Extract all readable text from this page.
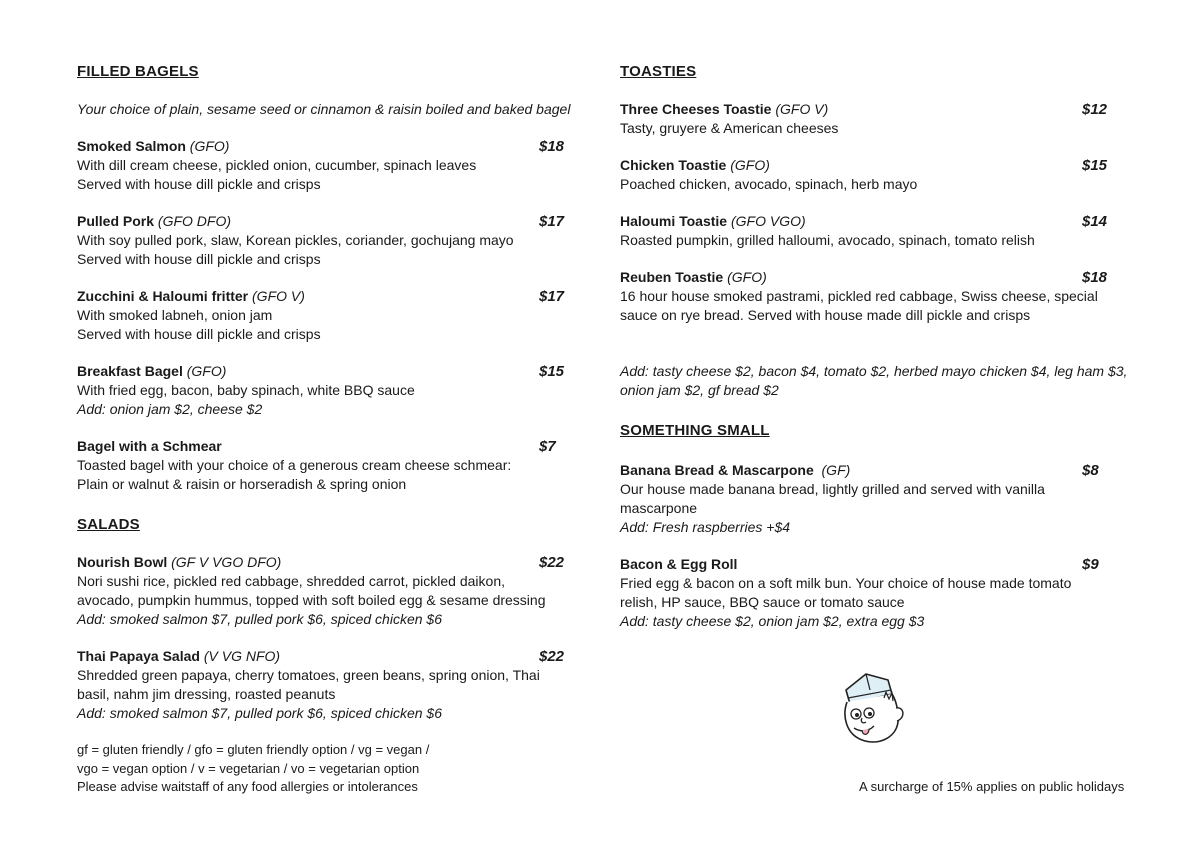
FILLED BAGELS
Your choice of plain, sesame seed or cinnamon & raisin boiled and baked bagel
Smoked Salmon (GFO)	$18
With dill cream cheese, pickled onion, cucumber, spinach leaves
Served with house dill pickle and crisps
Pulled Pork (GFO DFO)	$17
With soy pulled pork, slaw, Korean pickles, coriander, gochujang mayo
Served with house dill pickle and crisps
Zucchini & Haloumi fritter (GFO V)	$17
With smoked labneh, onion jam
Served with house dill pickle and crisps
Breakfast Bagel (GFO)	$15
With fried egg, bacon, baby spinach, white BBQ sauce
Add: onion jam $2, cheese $2
Bagel with a Schmear	$7
Toasted bagel with your choice of a generous cream cheese schmear:
Plain or walnut & raisin or horseradish & spring onion
SALADS
Nourish Bowl (GF V VGO DFO)	$22
Nori sushi rice, pickled red cabbage, shredded carrot, pickled daikon,
avocado, pumpkin hummus, topped with soft boiled egg & sesame dressing
Add: smoked salmon $7, pulled pork $6, spiced chicken $6
Thai Papaya Salad (V VG NFO)	$22
Shredded green papaya, cherry tomatoes, green beans, spring onion, Thai
basil, nahm jim dressing, roasted peanuts
Add: smoked salmon $7, pulled pork $6, spiced chicken $6
gf = gluten friendly / gfo = gluten friendly option / vg = vegan /
vgo = vegan option / v = vegetarian / vo = vegetarian option
Please advise waitstaff of any food allergies or intolerances
TOASTIES
Three Cheeses Toastie (GFO V)	$12
Tasty, gruyere & American cheeses
Chicken Toastie (GFO)	$15
Poached chicken, avocado, spinach, herb mayo
Haloumi Toastie (GFO VGO)	$14
Roasted pumpkin, grilled halloumi, avocado, spinach, tomato relish
Reuben Toastie (GFO)	$18
16 hour house smoked pastrami, pickled red cabbage, Swiss cheese, special
sauce on rye bread. Served with house made dill pickle and crisps
Add: tasty cheese $2, bacon $4, tomato $2, herbed mayo chicken $4, leg ham $3,
onion jam $2, gf bread $2
SOMETHING SMALL
Banana Bread & Mascarpone  (GF)	$8
Our house made banana bread, lightly grilled and served with vanilla
mascarpone
Add: Fresh raspberries +$4
Bacon & Egg Roll	$9
Fried egg & bacon on a soft milk bun. Your choice of house made tomato
relish, HP sauce, BBQ sauce or tomato sauce
Add: tasty cheese $2, onion jam $2, extra egg $3
A surcharge of 15% applies on public holidays
